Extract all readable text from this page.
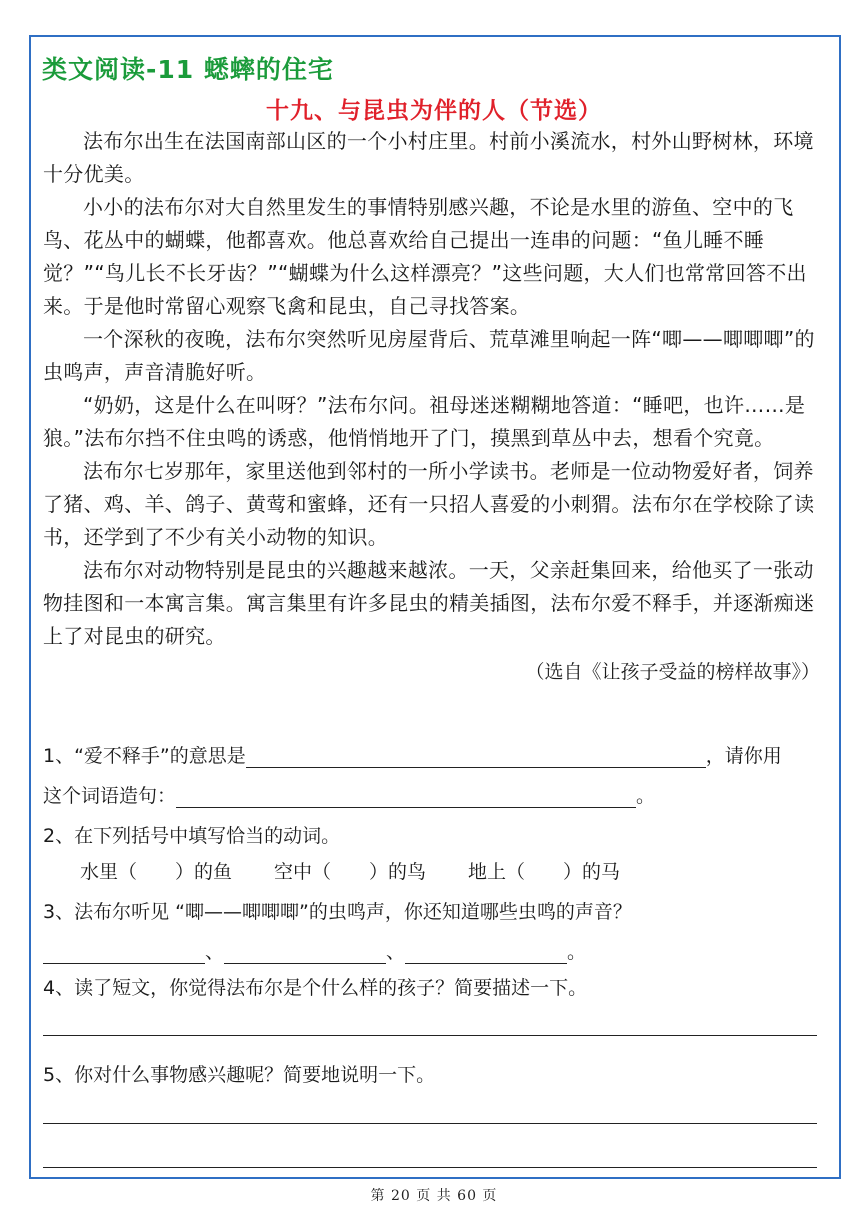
类文阅读-11 蟋蟀的住宅
十九、与昆虫为伴的人（节选）

法布尔出生在法国南部山区的一个小村庄里。村前小溪流水，村外山野树林，环境十分优美。

小小的法布尔对大自然里发生的事情特别感兴趣，不论是水里的游鱼、空中的飞鸟、花丛中的蝴蝶，他都喜欢。他总喜欢给自己提出一连串的问题：“鱼儿睡不睡觉？”“鸟儿长不长牙齿？”“蝴蝶为什么这样漂亮？”这些问题，大人们也常常回答不出来。于是他时常留心观察飞禽和昆虫，自己寻找答案。

一个深秋的夜晚，法布尔突然听见房屋背后、荒草滩里响起一阵“唧——唧唧唧”的虫鸣声，声音清脆好听。

“奶奶，这是什么在叫呀？”法布尔问。祖母迷迷糊糊地答道：“睡吧，也许……是狼。”法布尔挡不住虫鸣的诱惑，他悄悄地开了门，摸黑到草丛中去，想看个究竟。

法布尔七岁那年，家里送他到邻村的一所小学读书。老师是一位动物爱好者，饲养了猪、鸡、羊、鸽子、黄莺和蜜蜂，还有一只招人喜爱的小刺猬。法布尔在学校除了读书，还学到了不少有关小动物的知识。

法布尔对动物特别是昆虫的兴趣越来越浓。一天，父亲赶集回来，给他买了一张动物挂图和一本寓言集。寓言集里有许多昆虫的精美插图，法布尔爱不释手，并逐渐痴迷上了对昆虫的研究。

（选自《让孩子受益的榜样故事》）
1、“爱不释手”的意思是	，请你用
这个词语造句：	。
2、在下列括号中填写恰当的动词。
水里（　　）的鱼 空中（　　）的鸟 地上（　　）的马
3、法布尔听见 “唧——唧唧唧”的虫鸣声，你还知道哪些虫鸣的声音？
、	、	。
4、读了短文，你觉得法布尔是个什么样的孩子？简要描述一下。
5、你对什么事物感兴趣呢？简要地说明一下。
第 20 页 共 60 页
